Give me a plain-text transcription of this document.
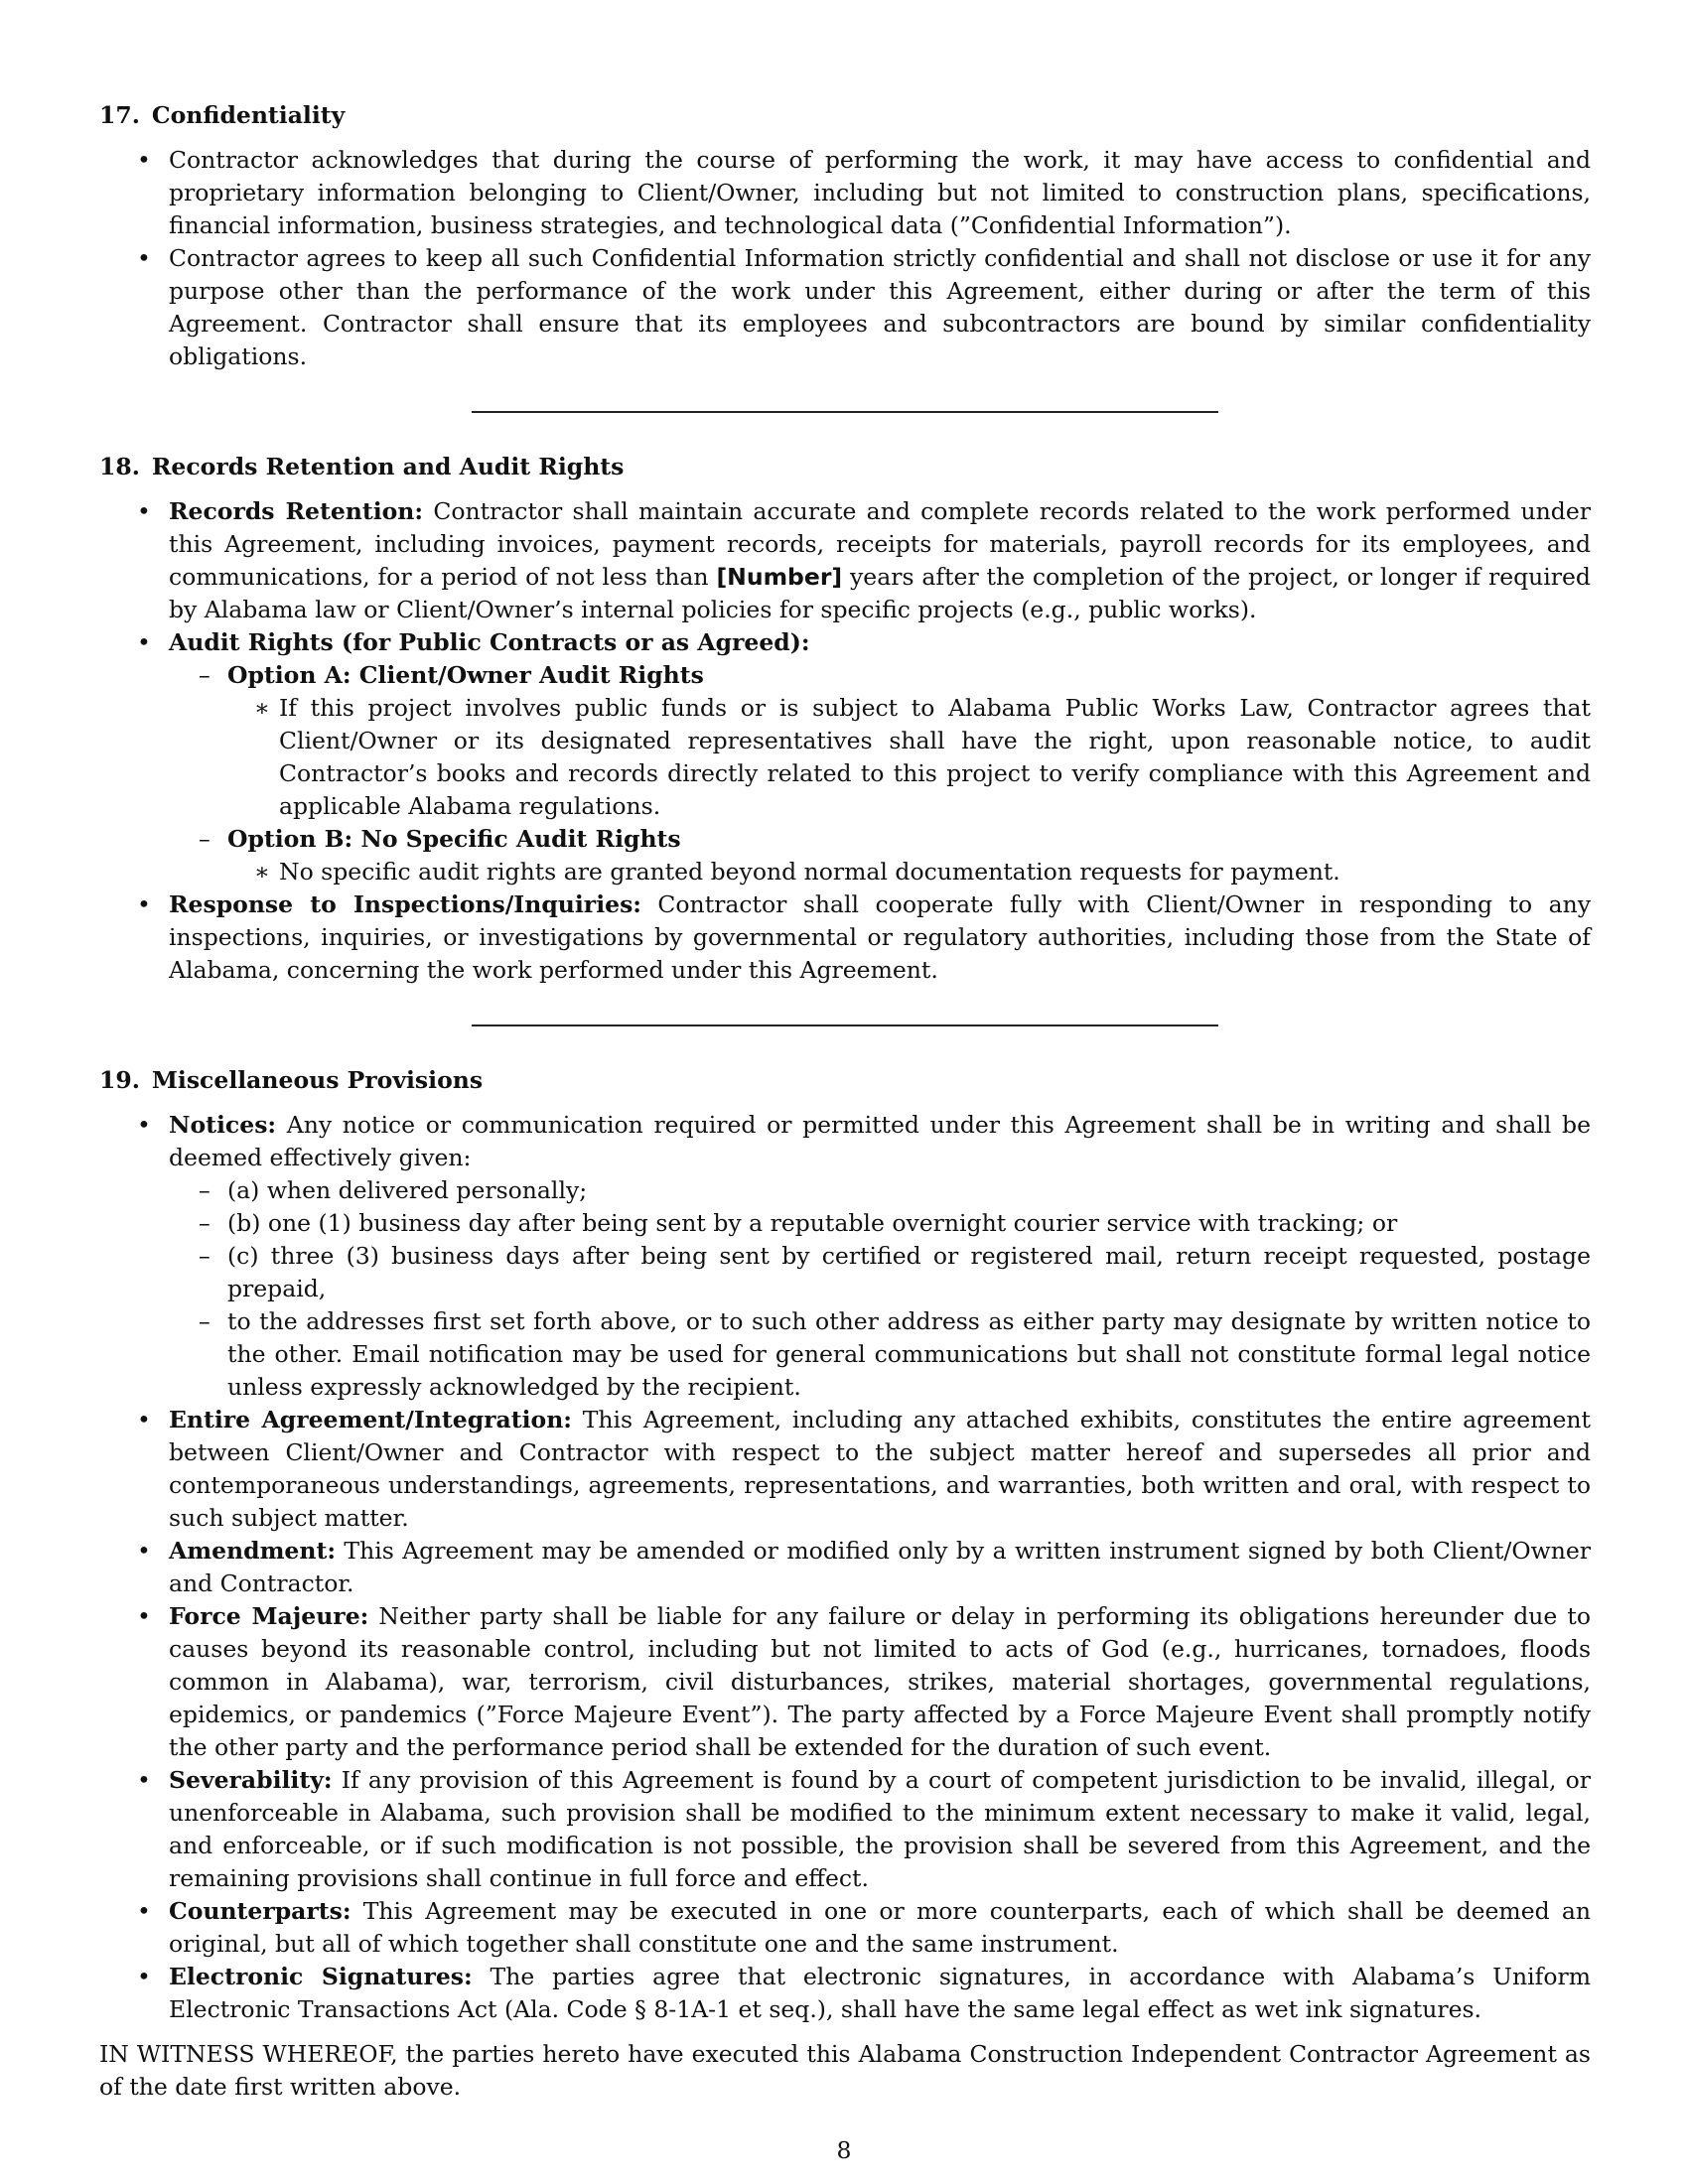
17. Confidentiality
• Contractor acknowledges that during the course of performing the work, it may have access to confidential and proprietary information belonging to Client/Owner, including but not limited to construction plans, specifications, financial information, business strategies, and technological data (”Confidential Information”).
• Contractor agrees to keep all such Confidential Information strictly confidential and shall not disclose or use it for any purpose other than the performance of the work under this Agreement, either during or after the term of this Agreement. Contractor shall ensure that its employees and subcontractors are bound by similar confidentiality obligations.
18. Records Retention and Audit Rights
• Records Retention: Contractor shall maintain accurate and complete records related to the work performed under this Agreement, including invoices, payment records, receipts for materials, payroll records for its employees, and communications, for a period of not less than [Number] years after the completion of the project, or longer if required by Alabama law or Client/Owner’s internal policies for specific projects (e.g., public works).
• Audit Rights (for Public Contracts or as Agreed):
– Option A: Client/Owner Audit Rights
∗ If this project involves public funds or is subject to Alabama Public Works Law, Contractor agrees that Client/Owner or its designated representatives shall have the right, upon reasonable notice, to audit Contractor’s books and records directly related to this project to verify compliance with this Agreement and applicable Alabama regulations.
– Option B: No Specific Audit Rights
∗ No specific audit rights are granted beyond normal documentation requests for payment.
• Response to Inspections/Inquiries: Contractor shall cooperate fully with Client/Owner in responding to any inspections, inquiries, or investigations by governmental or regulatory authorities, including those from the State of Alabama, concerning the work performed under this Agreement.
19. Miscellaneous Provisions
• Notices: Any notice or communication required or permitted under this Agreement shall be in writing and shall be deemed effectively given:
– (a) when delivered personally;
– (b) one (1) business day after being sent by a reputable overnight courier service with tracking; or
– (c) three (3) business days after being sent by certified or registered mail, return receipt requested, postage prepaid,
– to the addresses first set forth above, or to such other address as either party may designate by written notice to the other. Email notification may be used for general communications but shall not constitute formal legal notice unless expressly acknowledged by the recipient.
• Entire Agreement/Integration: This Agreement, including any attached exhibits, constitutes the entire agreement between Client/Owner and Contractor with respect to the subject matter hereof and supersedes all prior and contemporaneous understandings, agreements, representations, and warranties, both written and oral, with respect to such subject matter.
• Amendment: This Agreement may be amended or modified only by a written instrument signed by both Client/Owner and Contractor.
• Force Majeure: Neither party shall be liable for any failure or delay in performing its obligations hereunder due to causes beyond its reasonable control, including but not limited to acts of God (e.g., hurricanes, tornadoes, floods common in Alabama), war, terrorism, civil disturbances, strikes, material shortages, governmental regulations, epidemics, or pandemics (”Force Majeure Event”). The party affected by a Force Majeure Event shall promptly notify the other party and the performance period shall be extended for the duration of such event.
• Severability: If any provision of this Agreement is found by a court of competent jurisdiction to be invalid, illegal, or unenforceable in Alabama, such provision shall be modified to the minimum extent necessary to make it valid, legal, and enforceable, or if such modification is not possible, the provision shall be severed from this Agreement, and the remaining provisions shall continue in full force and effect.
• Counterparts: This Agreement may be executed in one or more counterparts, each of which shall be deemed an original, but all of which together shall constitute one and the same instrument.
• Electronic Signatures: The parties agree that electronic signatures, in accordance with Alabama’s Uniform Electronic Transactions Act (Ala. Code § 8-1A-1 et seq.), shall have the same legal effect as wet ink signatures.
IN WITNESS WHEREOF, the parties hereto have executed this Alabama Construction Independent Contractor Agreement as of the date first written above.
8
